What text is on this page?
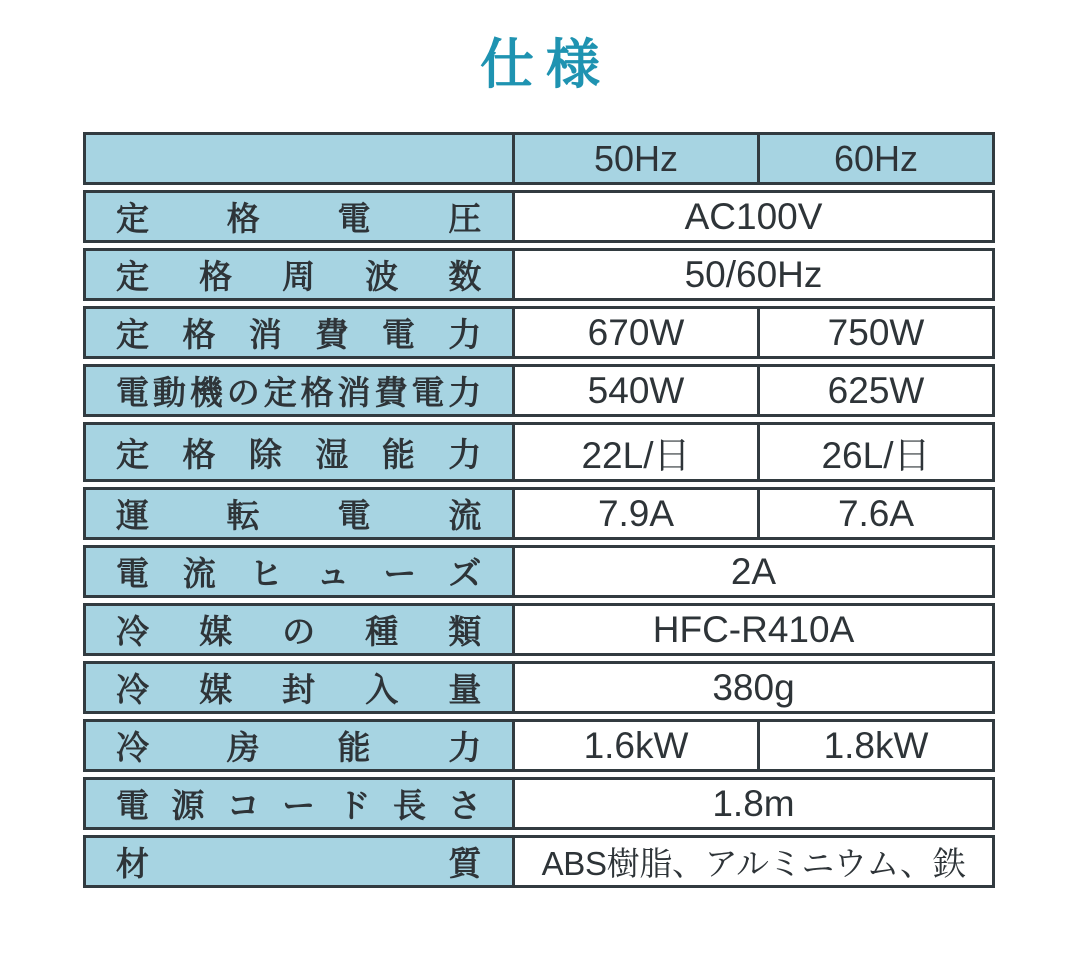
仕様
	50Hz	60Hz

定格電圧	AC100V	

定格周波数	50/60Hz	

定格消費電力	670W	750W

電動機の定格消費電力	540W	625W

定格除湿能力	22L/日	26L/日

運転電流	7.9A	7.6A

電流ヒューズ	2A	

冷媒の種類	HFC-R410A	

冷媒封入量	380g	

冷房能力	1.6kW	1.8kW

電源コード長さ	1.8m	

材質	ABS樹脂、アルミニウム、鉄	
